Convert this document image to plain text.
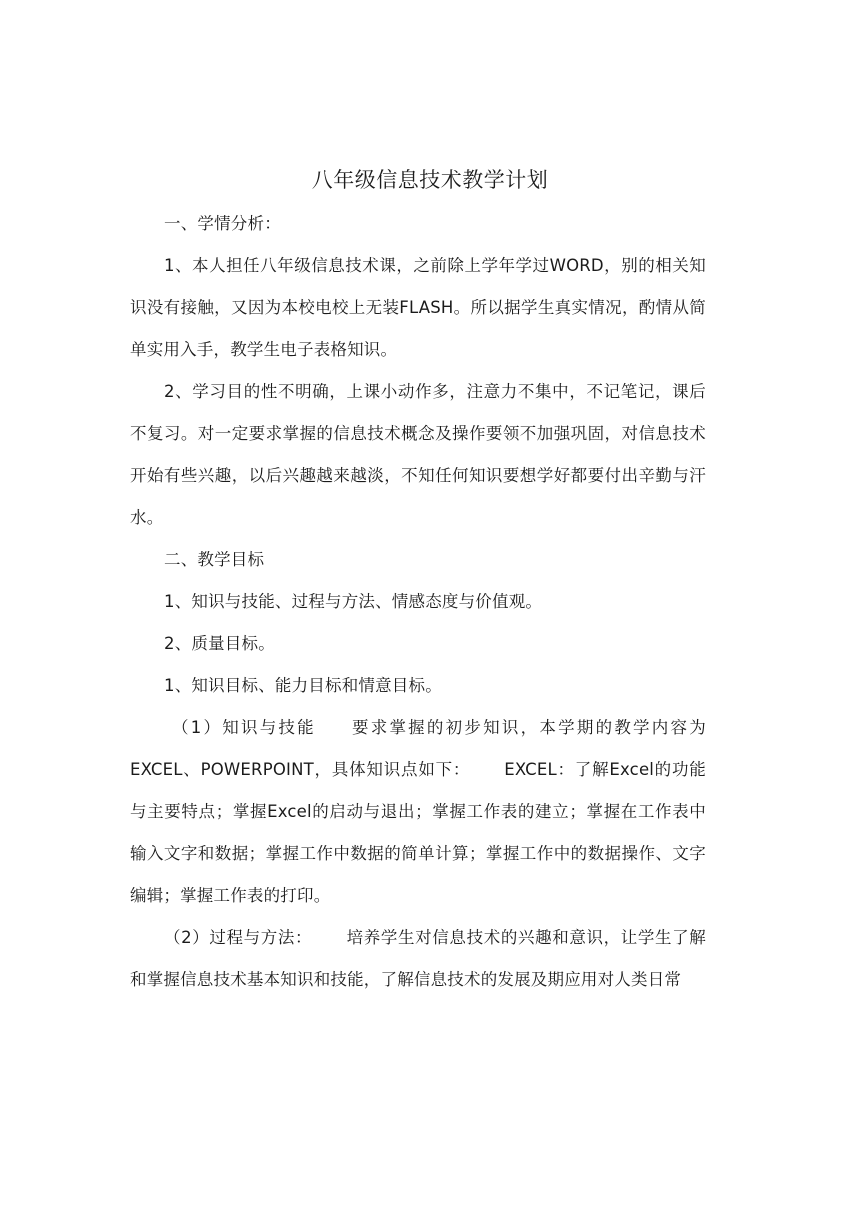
八年级信息技术教学计划

一、学情分析：

1、本人担任八年级信息技术课，之前除上学年学过WORD，别的相关知识没有接触，又因为本校电校上无装FLASH。所以据学生真实情况，酌情从简单实用入手，教学生电子表格知识。

2、学习目的性不明确，上课小动作多，注意力不集中，不记笔记，课后不复习。对一定要求掌握的信息技术概念及操作要领不加强巩固，对信息技术开始有些兴趣，以后兴趣越来越淡，不知任何知识要想学好都要付出辛勤与汗水。

二、教学目标

1、知识与技能、过程与方法、情感态度与价值观。

2、质量目标。

1、知识目标、能力目标和情意目标。

（1）知识与技能 要求掌握的初步知识，本学期的教学内容为EXCEL、POWERPOINT，具体知识点如下： EXCEL：了解Excel的功能与主要特点；掌握Excel的启动与退出；掌握工作表的建立；掌握在工作表中输入文字和数据；掌握工作中数据的简单计算；掌握工作中的数据操作、文字编辑；掌握工作表的打印。

（2）过程与方法： 培养学生对信息技术的兴趣和意识，让学生了解和掌握信息技术基本知识和技能，了解信息技术的发展及期应用对人类日常
